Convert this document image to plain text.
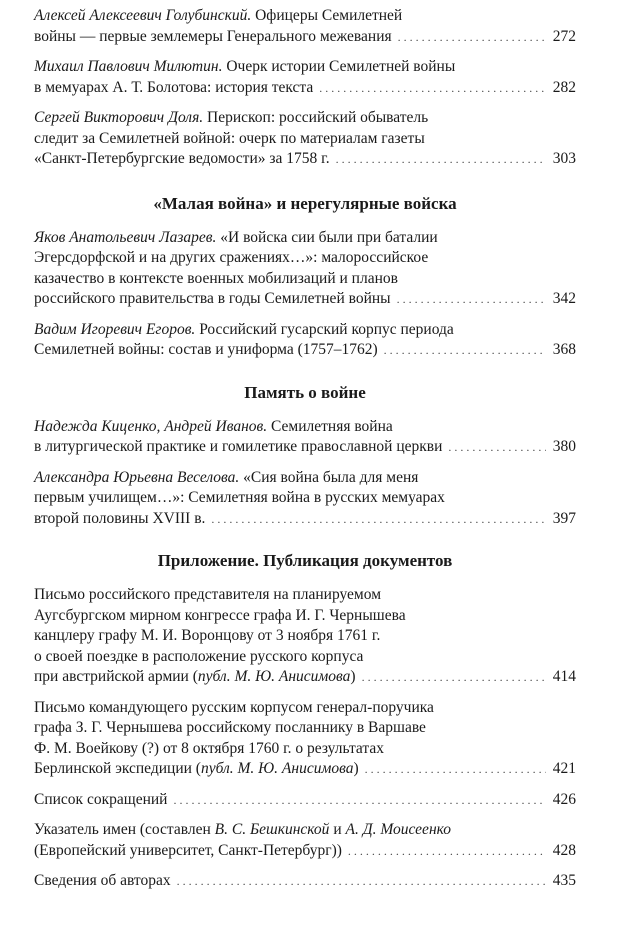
Алексей Алексеевич Голубинский. Офицеры Семилетней
войны — первые землемеры Генерального межевания . . .	272
Михаил Павлович Милютин. Очерк истории Семилетней войны
в мемуарах А. Т. Болотова: история текста . . .	282
Сергей Викторович Доля. Перископ: российский обыватель
следит за Семилетней войной: очерк по материалам газеты
«Санкт-Петербургские ведомости» за 1758 г. . . .	303
«Малая война» и нерегулярные войска
Яков Анатольевич Лазарев. «И войска сии были при баталии
Эгерсдорфской и на других сражениях…»: малороссийское
казачество в контексте военных мобилизаций и планов
российского правительства в годы Семилетней войны . . .	342
Вадим Игоревич Егоров. Российский гусарский корпус периода
Семилетней войны: состав и униформа (1757–1762) . . .	368
Память о войне
Надежда Киценко, Андрей Иванов. Семилетняя война
в литургической практике и гомилетике православной церкви . . .	380
Александра Юрьевна Веселова. «Сия война была для меня
первым училищем…»: Семилетняя война в русских мемуарах
второй половины XVIII в. . . .	397
Приложение. Публикация документов
Письмо российского представителя на планируемом
Аугсбургском мирном конгрессе графа И. Г. Чернышева
канцлеру графу М. И. Воронцову от 3 ноября 1761 г.
о своей поездке в расположение русского корпуса
при австрийской армии (публ. М. Ю. Анисимова) . . .	414
Письмо командующего русским корпусом генерал-поручика
графа З. Г. Чернышева российскому посланнику в Варшаве
Ф. М. Воейкову (?) от 8 октября 1760 г. о результатах
Берлинской экспедиции (публ. М. Ю. Анисимова) . . .	421
Список сокращений . . .	426
Указатель имен (составлен В. С. Бешкинской и А. Д. Моисеенко
(Европейский университет, Санкт-Петербург)) . . .	428
Сведения об авторах . . .	435
